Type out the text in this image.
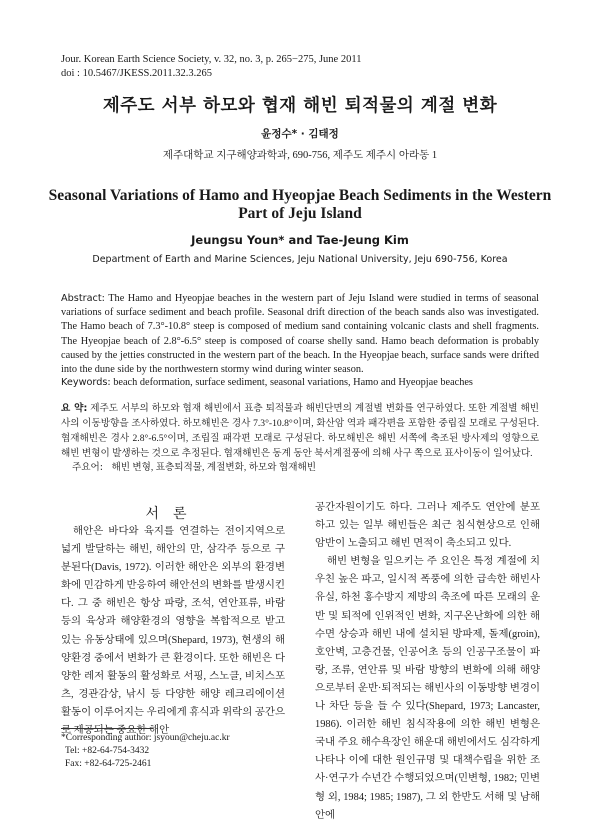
Jour. Korean Earth Science Society, v. 32, no. 3, p. 265−275, June 2011
doi : 10.5467/JKESS.2011.32.3.265
제주도 서부 하모와 협재 해빈 퇴적물의 계절 변화
윤정수* · 김태정
제주대학교 지구해양과학과, 690-756, 제주도 제주시 아라동 1
Seasonal Variations of Hamo and Hyeopjae Beach Sediments in the Western Part of Jeju Island
Jeungsu Youn* and Tae-Jeung Kim
Department of Earth and Marine Sciences, Jeju National University, Jeju 690-756, Korea
Abstract: The Hamo and Hyeopjae beaches in the western part of Jeju Island were studied in terms of seasonal variations of surface sediment and beach profile. Seasonal drift direction of the beach sands also was investigated. The Hamo beach of 7.3°-10.8° steep is composed of medium sand containing volcanic clasts and shell fragments. The Hyeopjae beach of 2.8°-6.5° steep is composed of coarse shelly sand. Hamo beach deformation is probably caused by the jetties constructed in the western part of the beach. In the Hyeopjae beach, surface sands were drifted into the dune side by the northwestern stormy wind during winter season.
Keywords: beach deformation, surface sediment, seasonal variations, Hamo and Hyeopjae beaches
요 약: 제주도 서부의 하모와 협재 해빈에서 표층 퇴적물과 해빈단면의 계절별 변화를 연구하였다. 또한 계절별 해빈사의 이동방향을 조사하였다. 하모해빈은 경사 7.3°-10.8°이며, 화산암 역과 패각편을 포함한 중립질 모래로 구성된다. 협재해빈은 경사 2.8°-6.5°이며, 조립질 패각편 모래로 구성된다. 하모해빈은 해빈 서쪽에 축조된 방사제의 영향으로 해빈 변형이 발생하는 것으로 추정된다. 협재해빈은 동계 동안 북서계절풍에 의해 사구 쪽으로 표사이동이 일어났다.
주요어: 해빈 변형, 표층퇴적물, 계절변화, 하모와 협재해빈
서론

해안은 바다와 육지를 연결하는 전이지역으로 넓게 발달하는 해빈, 해안의 만, 삼각주 등으로 구분된다(Davis, 1972). 이러한 해안은 외부의 환경변화에 민감하게 반응하여 해안선의 변화를 발생시킨다. 그 중 해빈은 항상 파랑, 조석, 연안표류, 바람 등의 육상과 해양환경의 영향을 복합적으로 받고 있는 유동상태에 있으며(Shepard, 1973), 현생의 해양환경 중에서 변화가 큰 환경이다. 또한 해빈은 다양한 레저 활동의 활성화로 서핑, 스노클, 비치스포츠, 경관감상, 낚시 등 다양한 해양 레크리에이션 활동이 이루어지는 우리에게 휴식과 위락의 공간으로 제공되는 중요한 해안

공간자원이기도 하다. 그러나 제주도 연안에 분포하고 있는 일부 해빈들은 최근 침식현상으로 인해 암반이 노출되고 해빈 면적이 축소되고 있다.

해빈 변형을 일으키는 주 요인은 특정 계절에 치우친 높은 파고, 일시적 폭풍에 의한 급속한 해빈사 유실, 하천 홍수방지 제방의 축조에 따른 모래의 운반 및 퇴적에 인위적인 변화, 지구온난화에 의한 해수면 상승과 해빈 내에 설치된 방파제, 돌제(groin), 호안벽, 고층건물, 인공어초 등의 인공구조물이 파랑, 조류, 연안류 및 바람 방향의 변화에 의해 해양으로부터 운반·퇴적되는 해빈사의 이동방향 변경이나 차단 등을 들 수 있다(Shepard, 1973; Lancaster, 1986). 이러한 해빈 침식작용에 의한 해빈 변형은 국내 주요 해수욕장인 해운대 해빈에서도 심각하게 나타나 이에 대한 원인규명 및 대책수립을 위한 조사·연구가 수년간 수행되었으며(민변형, 1982; 민변형 외, 1984; 1985; 1987), 그 외 한반도 서해 및 남해안에

*Corresponding author: jsyoun@cheju.ac.kr
Tel: +82-64-754-3432
Fax: +82-64-725-2461
